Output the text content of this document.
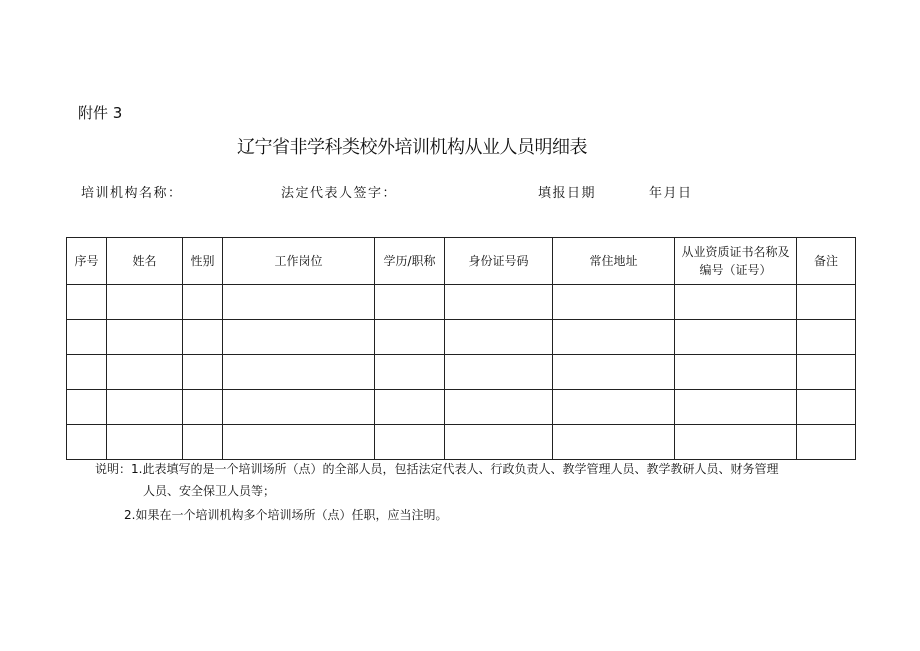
附件 3
辽宁省非学科类校外培训机构从业人员明细表
培训机构名称：	法定代表人签字：	填报日期	年月日
序号	姓名	性别	工作岗位	学历/职称	身份证号码	常住地址	从业资质证书名称及编号（证号）	备注

说明：1.此表填写的是一个培训场所（点）的全部人员，包括法定代表人、行政负责人、教学管理人员、教学教研人员、财务管理
人员、安全保卫人员等；
2.如果在一个培训机构多个培训场所（点）任职，应当注明。
